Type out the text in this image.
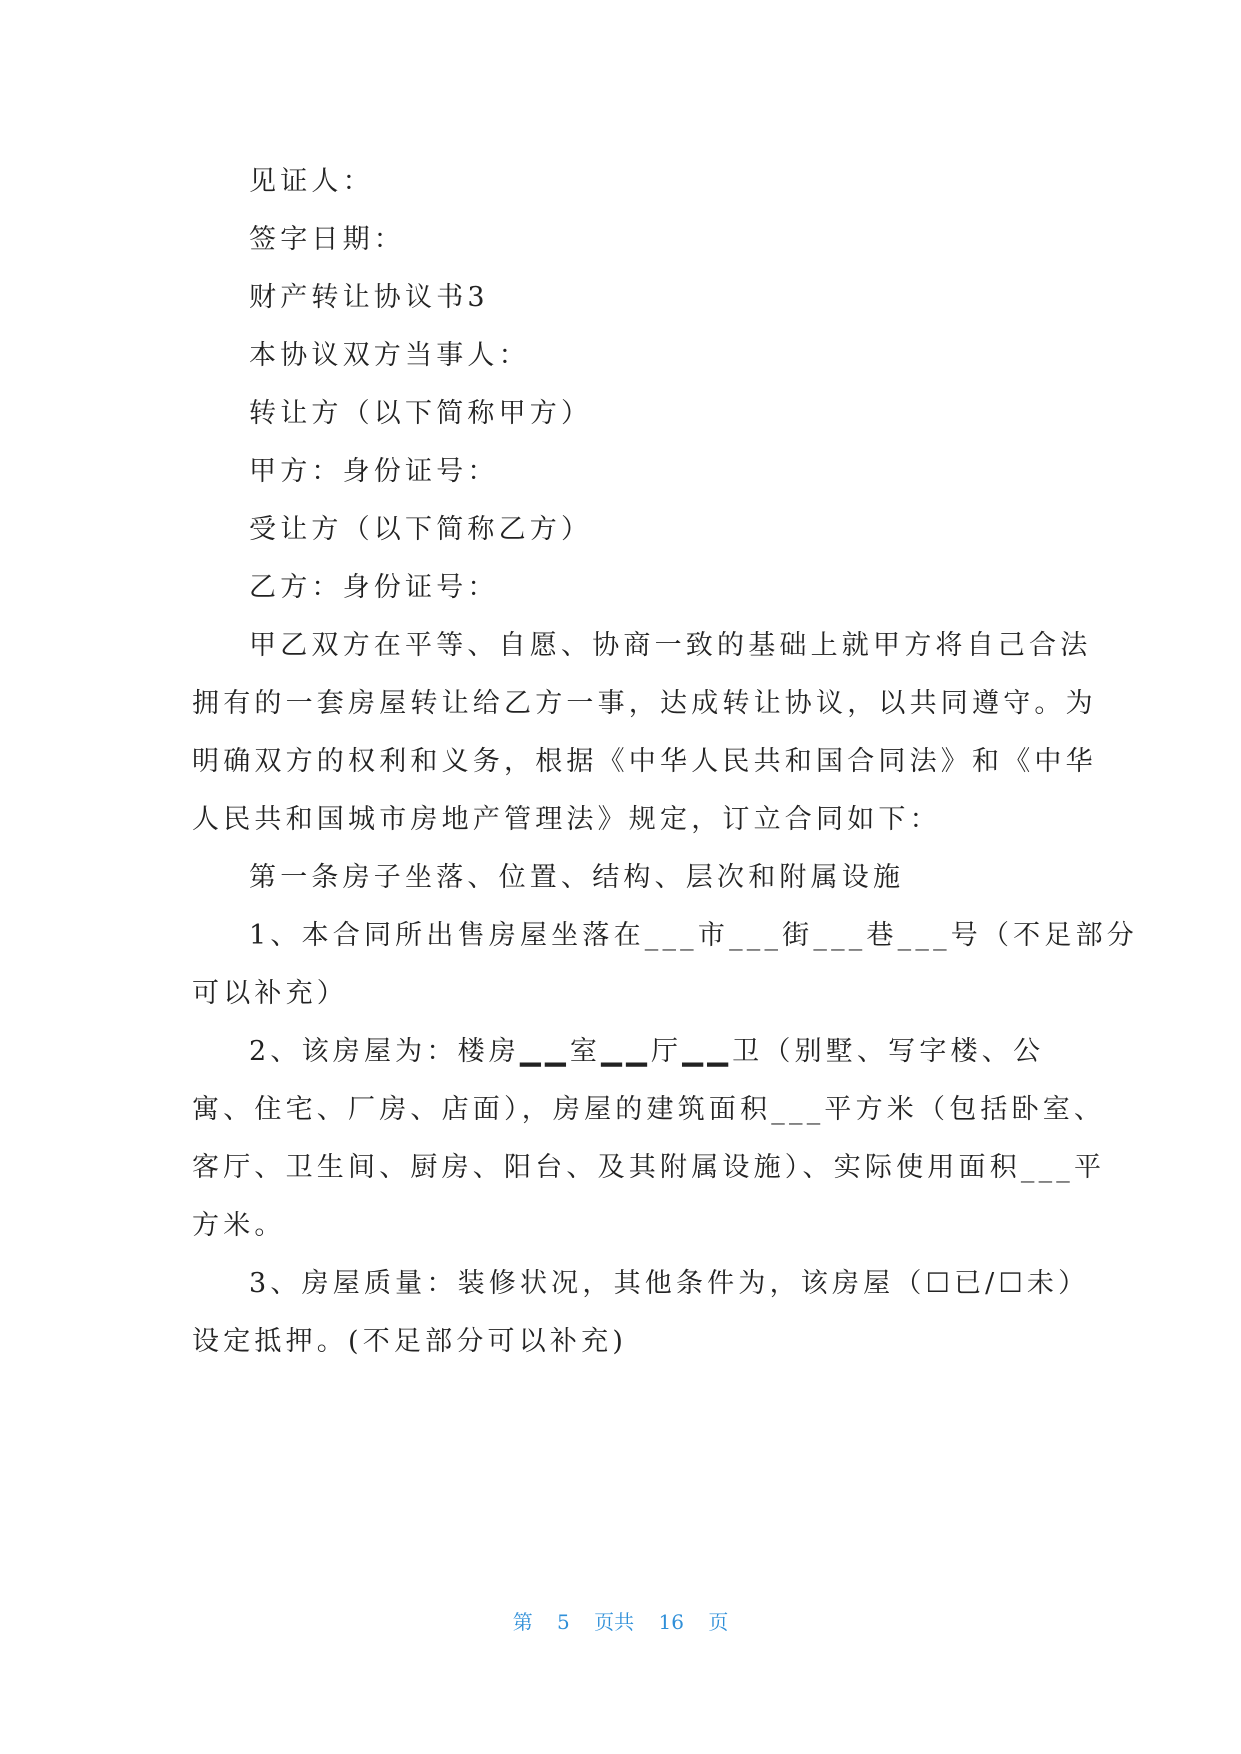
见证人：
签字日期：
财产转让协议书3
本协议双方当事人：
转让方（以下简称甲方）
甲方：身份证号：
受让方（以下简称乙方）
乙方：身份证号：
甲乙双方在平等、自愿、协商一致的基础上就甲方将自己合法
拥有的一套房屋转让给乙方一事，达成转让协议，以共同遵守。为
明确双方的权利和义务，根据《中华人民共和国合同法》和《中华
人民共和国城市房地产管理法》规定，订立合同如下：
第一条房子坐落、位置、结构、层次和附属设施
1、本合同所出售房屋坐落在___市___街___巷___号（不足部分
可以补充）
2、该房屋为：楼房▁▁室▁▁厅▁▁卫（别墅、写字楼、公
寓、住宅、厂房、店面），房屋的建筑面积___平方米（包括卧室、
客厅、卫生间、厨房、阳台、及其附属设施）、实际使用面积___平
方米。
3、房屋质量：装修状况，其他条件为，该房屋（☐已/☐未）
设定抵押。(不足部分可以补充)
第 5 页共 16 页
